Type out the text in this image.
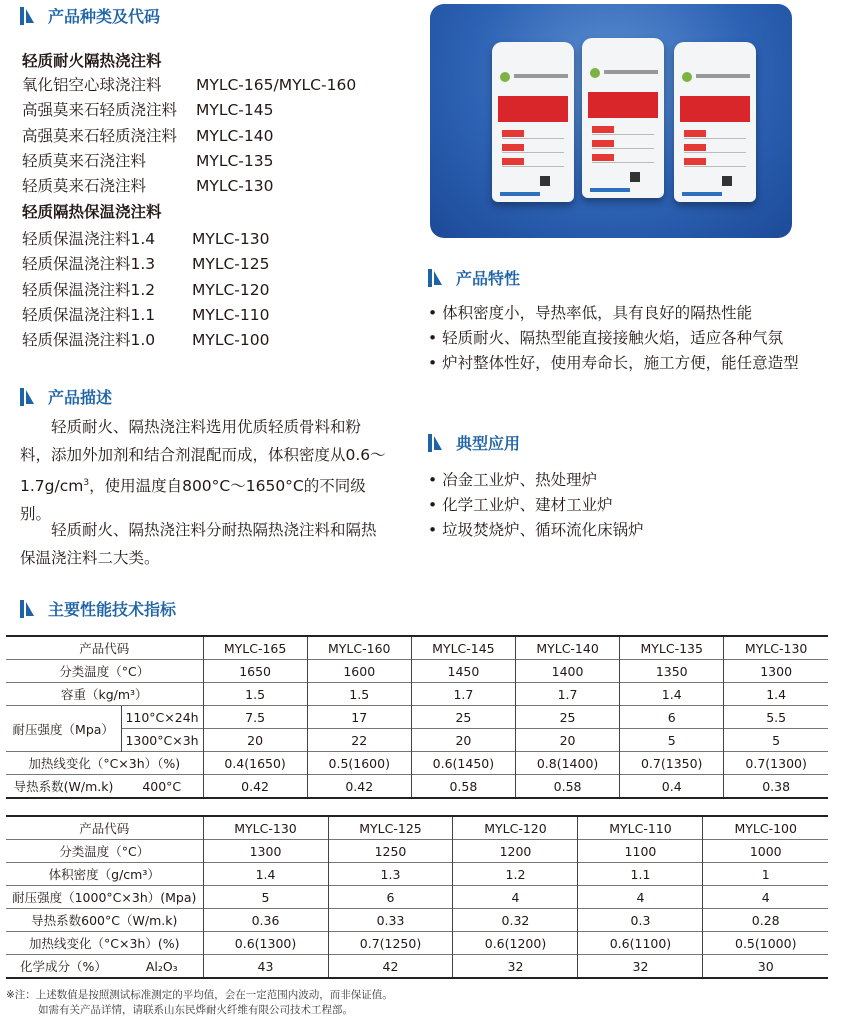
产品种类及代码
轻质耐火隔热浇注料
氧化铝空心球浇注料 MYLC-165/MYLC-160
高强莫来石轻质浇注料 MYLC-145
高强莫来石轻质浇注料 MYLC-140
轻质莫来石浇注料	MYLC-135
轻质莫来石浇注料	MYLC-130
轻质隔热保温浇注料
轻质保温浇注料1.4 MYLC-130
轻质保温浇注料1.3 MYLC-125
轻质保温浇注料1.2 MYLC-120
轻质保温浇注料1.1 MYLC-110
轻质保温浇注料1.0 MYLC-100
产品特性
• 体积密度小，导热率低，具有良好的隔热性能
• 轻质耐火、隔热型能直接接触火焰，适应各种气氛
• 炉衬整体性好，使用寿命长，施工方便，能任意造型
典型应用
• 冶金工业炉、热处理炉
• 化学工业炉、建材工业炉
• 垃圾焚烧炉、循环流化床锅炉
产品描述
轻质耐火、隔热浇注料选用优质轻质骨料和粉料，添加外加剂和结合剂混配而成，体积密度从$0.6\sim 1.7g/cm^3$，使用温度自800°C～1650°C的不同级别。
轻质耐火、隔热浇注料分耐热隔热浇注料和隔热保温浇注料二大类。
主要性能技术指标
产品代码		MYLC-165	MYLC-160	MYLC-145	MYLC-140	MYLC-135	MYLC-130
分类温度（°C）		1650	1600	1450	1400	1350	1300
容重（kg/m³）		1.5	1.5	1.7	1.7	1.4	1.4
耐压强度（Mpa）	110°C×24h	7.5	17	25	25	6	5.5
	1300°C×3h	20	22	20	20	5	5
加热线变化（°C×3h）（%)		0.4(1650)	0.5(1600)	0.6(1450)	0.8(1400)	0.7(1350)	0.7(1300)
导热系数(W/m.k)	400°C	0.42	0.42	0.58	0.58	0.4	0.38
产品代码		MYLC-130	MYLC-125	MYLC-120	MYLC-110	MYLC-100
分类温度（°C）		1300	1250	1200	1100	1000
体积密度（g/cm³）		1.4	1.3	1.2	1.1	1
耐压强度（1000°C×3h）(Mpa)		5	6	4	4	4
导热系数600°C（W/m.k)		0.36	0.33	0.32	0.3	0.28
加热线变化（°C×3h）(%)		0.6(1300)	0.7(1250)	0.6(1200)	0.6(1100)	0.5(1000)
化学成分（%）	Al₂O₃	43	42	32	32	30
※注：上述数值是按照测试标准测定的平均值，会在一定范围内波动，而非保证值。
如需有关产品详情，请联系山东民烨耐火纤维有限公司技术工程部。
